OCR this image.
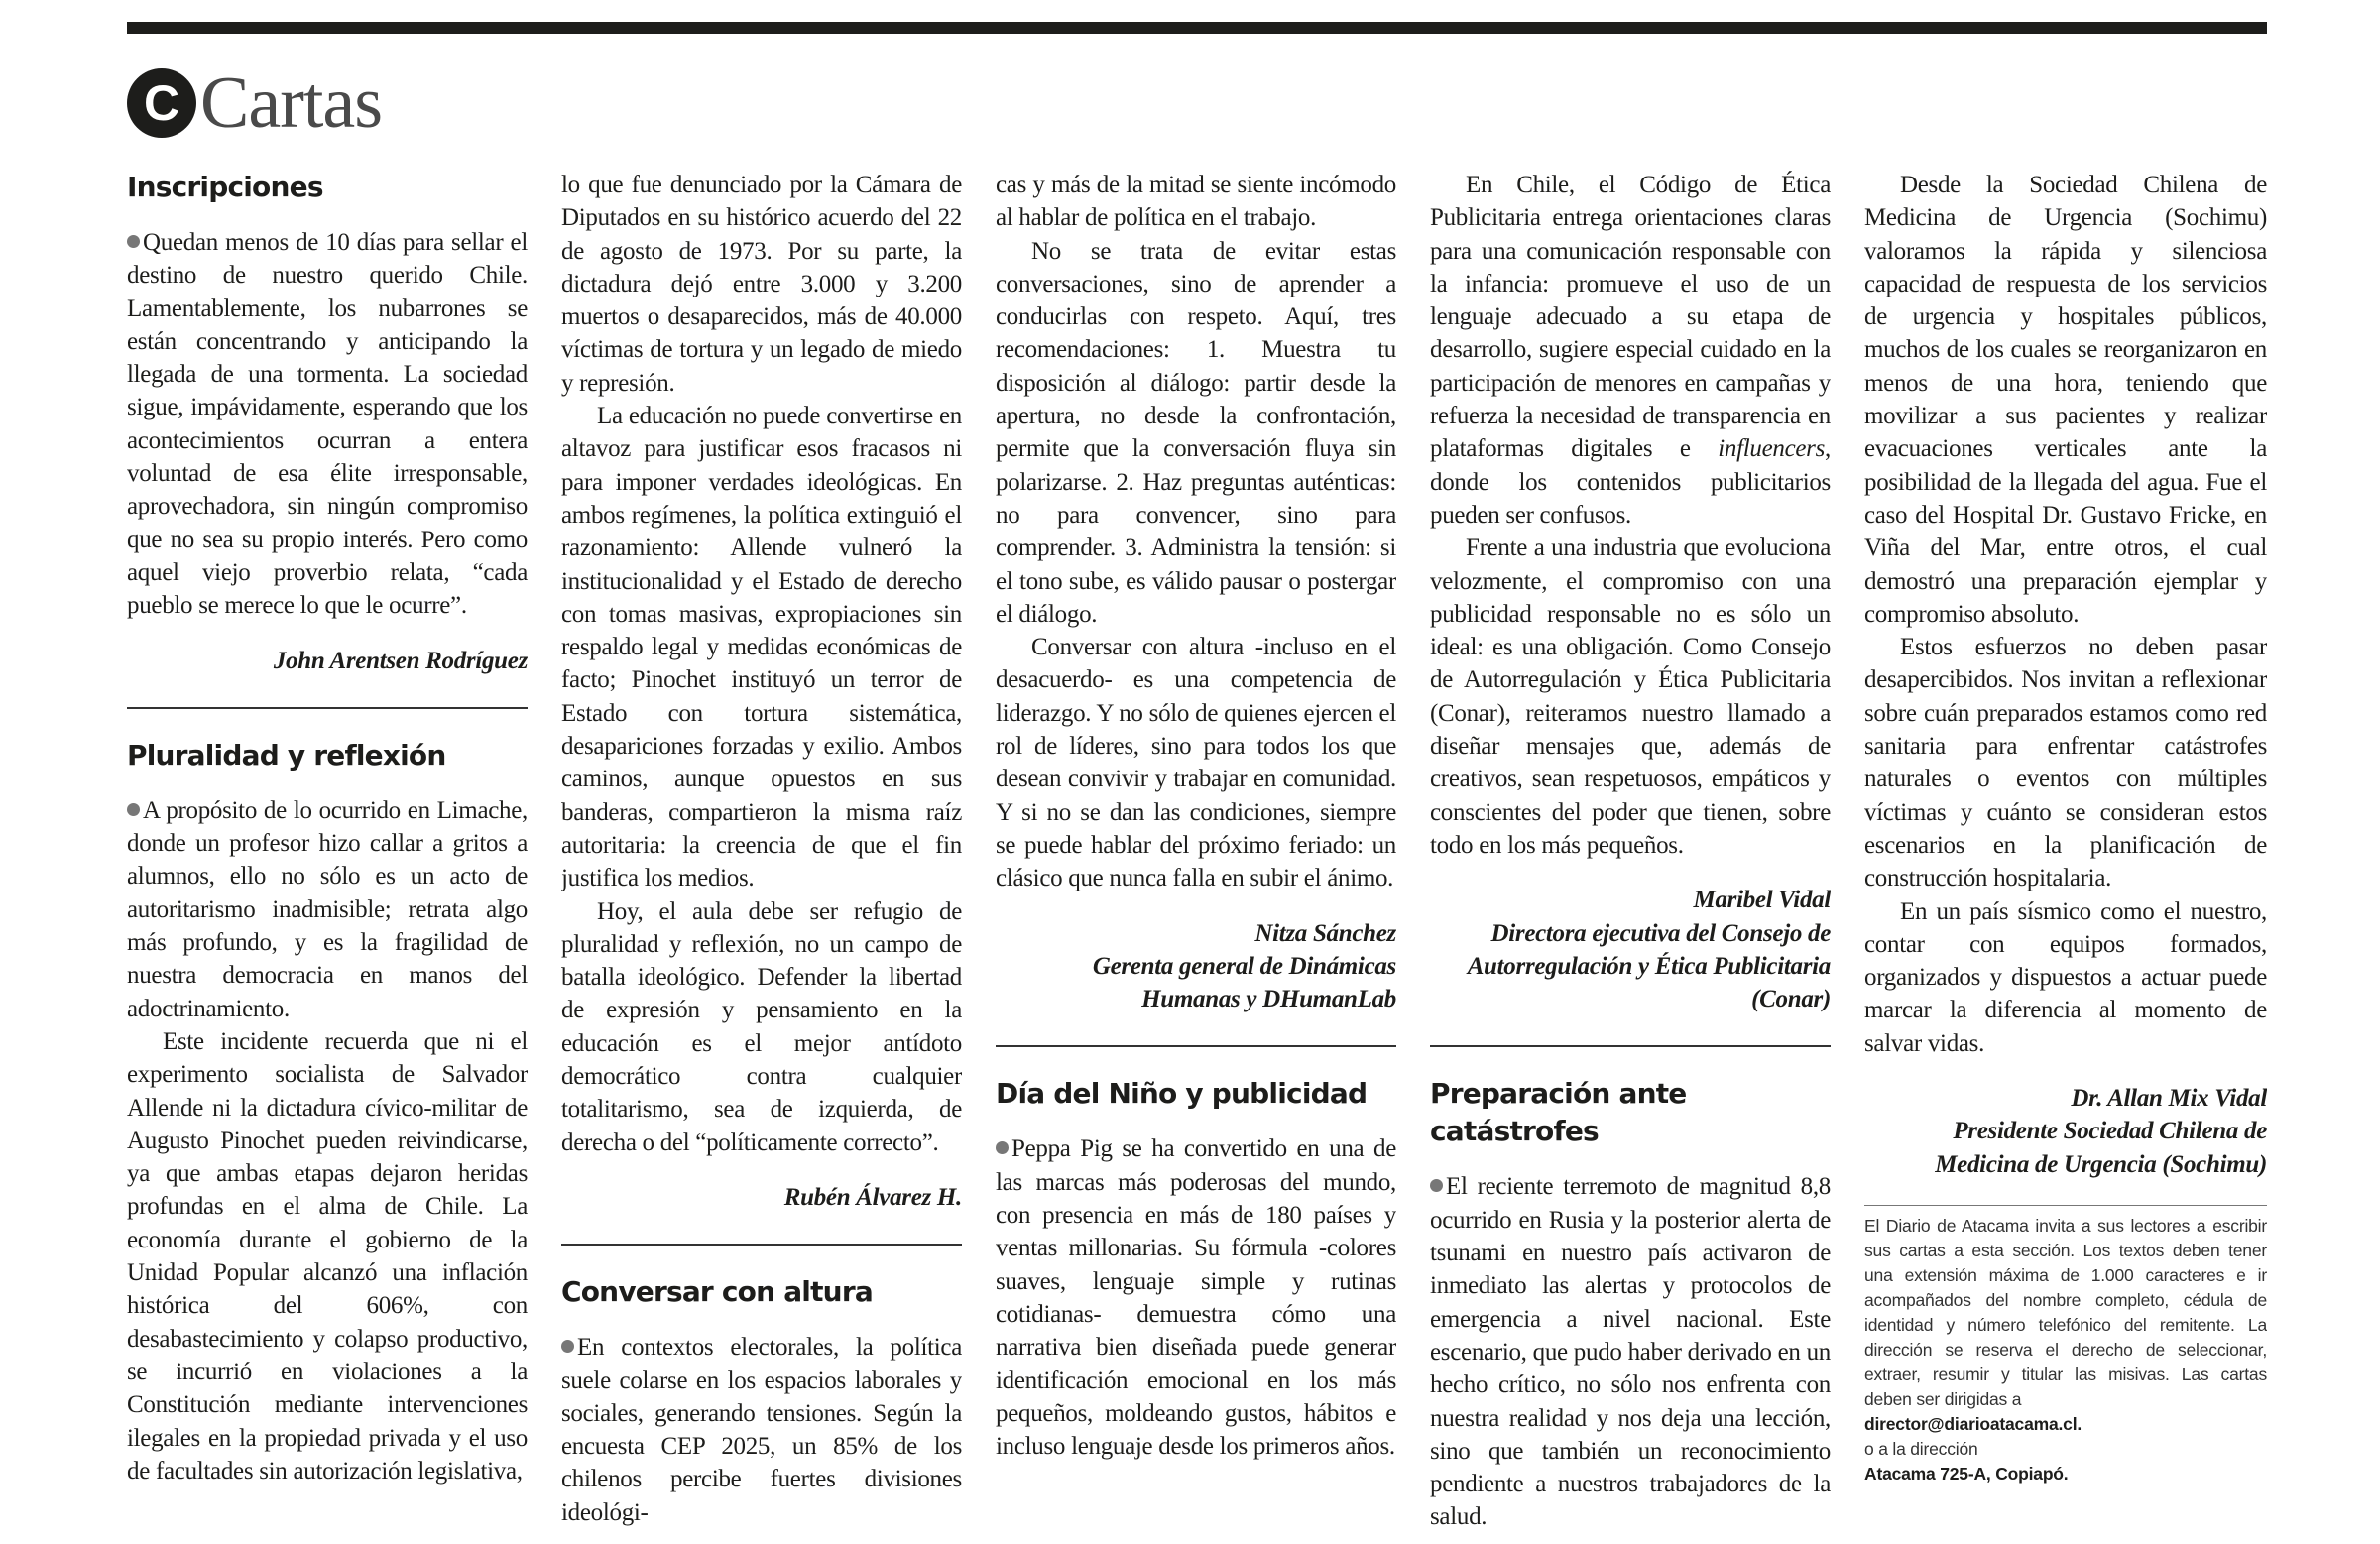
C Cartas
Inscripciones

Quedan menos de 10 días para sellar el destino de nuestro querido Chile. Lamentablemente, los nubarrones se están concentrando y anticipando la llegada de una tormenta. La sociedad sigue, impávidamente, esperando que los acontecimientos ocurran a entera voluntad de esa élite irresponsable, aprovechadora, sin ningún compromiso que no sea su propio interés. Pero como aquel viejo proverbio relata, “cada pueblo se merece lo que le ocurre”.

John Arentsen Rodríguez
Pluralidad y reflexión

A propósito de lo ocurrido en Limache, donde un profesor hizo callar a gritos a alumnos, ello no sólo es un acto de autoritarismo inadmisible; retrata algo más profundo, y es la fragilidad de nuestra democracia en manos del adoctrinamiento.

Este incidente recuerda que ni el experimento socialista de Salvador Allende ni la dictadura cívico-militar de Augusto Pinochet pueden reivindicarse, ya que ambas etapas dejaron heridas profundas en el alma de Chile. La economía durante el gobierno de la Unidad Popular alcanzó una inflación histórica del 606%, con desabastecimiento y colapso productivo, se incurrió en violaciones a la Constitución mediante intervenciones ilegales en la propiedad privada y el uso de facultades sin autorización legislativa,

lo que fue denunciado por la Cámara de Diputados en su histórico acuerdo del 22 de agosto de 1973. Por su parte, la dictadura dejó entre 3.000 y 3.200 muertos o desaparecidos, más de 40.000 víctimas de tortura y un legado de miedo y represión.

La educación no puede convertirse en altavoz para justificar esos fracasos ni para imponer verdades ideológicas. En ambos regímenes, la política extinguió el razonamiento: Allende vulneró la institucionalidad y el Estado de derecho con tomas masivas, expropiaciones sin respaldo legal y medidas económicas de facto; Pinochet instituyó un terror de Estado con tortura sistemática, desapariciones forzadas y exilio. Ambos caminos, aunque opuestos en sus banderas, compartieron la misma raíz autoritaria: la creencia de que el fin justifica los medios.

Hoy, el aula debe ser refugio de pluralidad y reflexión, no un campo de batalla ideológico. Defender la libertad de expresión y pensamiento en la educación es el mejor antídoto democrático contra cualquier totalitarismo, sea de izquierda, de derecha o del “políticamente correcto”.

Rubén Álvarez H.
Conversar con altura

En contextos electorales, la política suele colarse en los espacios laborales y sociales, generando tensiones. Según la encuesta CEP 2025, un 85% de los chilenos percibe fuertes divisiones ideológi-

cas y más de la mitad se siente incómodo al hablar de política en el trabajo.

No se trata de evitar estas conversaciones, sino de aprender a conducirlas con respeto. Aquí, tres recomendaciones: 1. Muestra tu disposición al diálogo: partir desde la apertura, no desde la confrontación, permite que la conversación fluya sin polarizarse. 2. Haz preguntas auténticas: no para convencer, sino para comprender. 3. Administra la tensión: si el tono sube, es válido pausar o postergar el diálogo.

Conversar con altura -incluso en el desacuerdo- es una competencia de liderazgo. Y no sólo de quienes ejercen el rol de líderes, sino para todos los que desean convivir y trabajar en comunidad. Y si no se dan las condiciones, siempre se puede hablar del próximo feriado: un clásico que nunca falla en subir el ánimo.

Nitza Sánchez
Gerenta general de Dinámicas Humanas y DHumanLab
Día del Niño y publicidad

Peppa Pig se ha convertido en una de las marcas más poderosas del mundo, con presencia en más de 180 países y ventas millonarias. Su fórmula -colores suaves, lenguaje simple y rutinas cotidianas- demuestra cómo una narrativa bien diseñada puede generar identificación emocional en los más pequeños, moldeando gustos, hábitos e incluso lenguaje desde los primeros años.

En Chile, el Código de Ética Publicitaria entrega orientaciones claras para una comunicación responsable con la infancia: promueve el uso de un lenguaje adecuado a su etapa de desarrollo, sugiere especial cuidado en la participación de menores en campañas y refuerza la necesidad de transparencia en plataformas digitales e influencers, donde los contenidos publicitarios pueden ser confusos.

Frente a una industria que evoluciona velozmente, el compromiso con una publicidad responsable no es sólo un ideal: es una obligación. Como Consejo de Autorregulación y Ética Publicitaria (Conar), reiteramos nuestro llamado a diseñar mensajes que, además de creativos, sean respetuosos, empáticos y conscientes del poder que tienen, sobre todo en los más pequeños.

Maribel Vidal
Directora ejecutiva del Consejo de Autorregulación y Ética Publicitaria (Conar)
Preparación ante catástrofes

El reciente terremoto de magnitud 8,8 ocurrido en Rusia y la posterior alerta de tsunami en nuestro país activaron de inmediato las alertas y protocolos de emergencia a nivel nacional. Este escenario, que pudo haber derivado en un hecho crítico, no sólo nos enfrenta con nuestra realidad y nos deja una lección, sino que también un reconocimiento pendiente a nuestros trabajadores de la salud.

Desde la Sociedad Chilena de Medicina de Urgencia (Sochimu) valoramos la rápida y silenciosa capacidad de respuesta de los servicios de urgencia y hospitales públicos, muchos de los cuales se reorganizaron en menos de una hora, teniendo que movilizar a sus pacientes y realizar evacuaciones verticales ante la posibilidad de la llegada del agua. Fue el caso del Hospital Dr. Gustavo Fricke, en Viña del Mar, entre otros, el cual demostró una preparación ejemplar y compromiso absoluto.

Estos esfuerzos no deben pasar desapercibidos. Nos invitan a reflexionar sobre cuán preparados estamos como red sanitaria para enfrentar catástrofes naturales o eventos con múltiples víctimas y cuánto se consideran estos escenarios en la planificación de construcción hospitalaria.

En un país sísmico como el nuestro, contar con equipos formados, organizados y dispuestos a actuar puede marcar la diferencia al momento de salvar vidas.

Dr. Allan Mix Vidal
Presidente Sociedad Chilena de Medicina de Urgencia (Sochimu)
El Diario de Atacama invita a sus lectores a escribir sus cartas a esta sección. Los textos deben tener una extensión máxima de 1.000 caracteres e ir acompañados del nombre completo, cédula de identidad y número telefónico del remitente. La dirección se reserva el derecho de seleccionar, extraer, resumir y titular las misivas. Las cartas deben ser dirigidas a
director@diarioatacama.cl.
o a la dirección
Atacama 725-A, Copiapó.
